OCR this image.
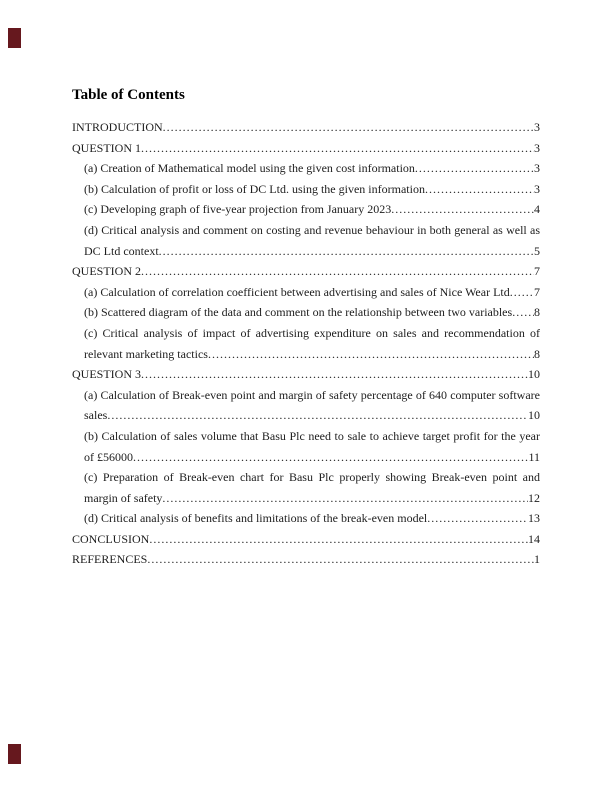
Table of Contents
INTRODUCTION .....	3
QUESTION 1 .....	3
(a) Creation of Mathematical model using the given cost information .....	3
(b) Calculation of profit or loss of DC Ltd. using the given information .....	3
(c) Developing graph of five-year projection from January 2023 .....	4
(d) Critical analysis and comment on costing and revenue behaviour in both general as well as
DC Ltd context .....	5
QUESTION 2 .....	7
(a) Calculation of correlation coefficient between advertising and sales of Nice Wear Ltd ..... 7
(b) Scattered diagram of the data and comment on the relationship between two variables ..... 8
(c) Critical analysis of impact of advertising expenditure on sales and recommendation of
relevant marketing tactics .....	8
QUESTION 3 .....	10
(a) Calculation of Break-even point and margin of safety percentage of 640 computer software
sales .....	10
(b) Calculation of sales volume that Basu Plc need to sale to achieve target profit for the year
of £56000 .....	11
(c) Preparation of Break-even chart for Basu Plc properly showing Break-even point and
margin of safety .....	12
(d) Critical analysis of benefits and limitations of the break-even model .....	13
CONCLUSION .....	14
REFERENCES .....	1
